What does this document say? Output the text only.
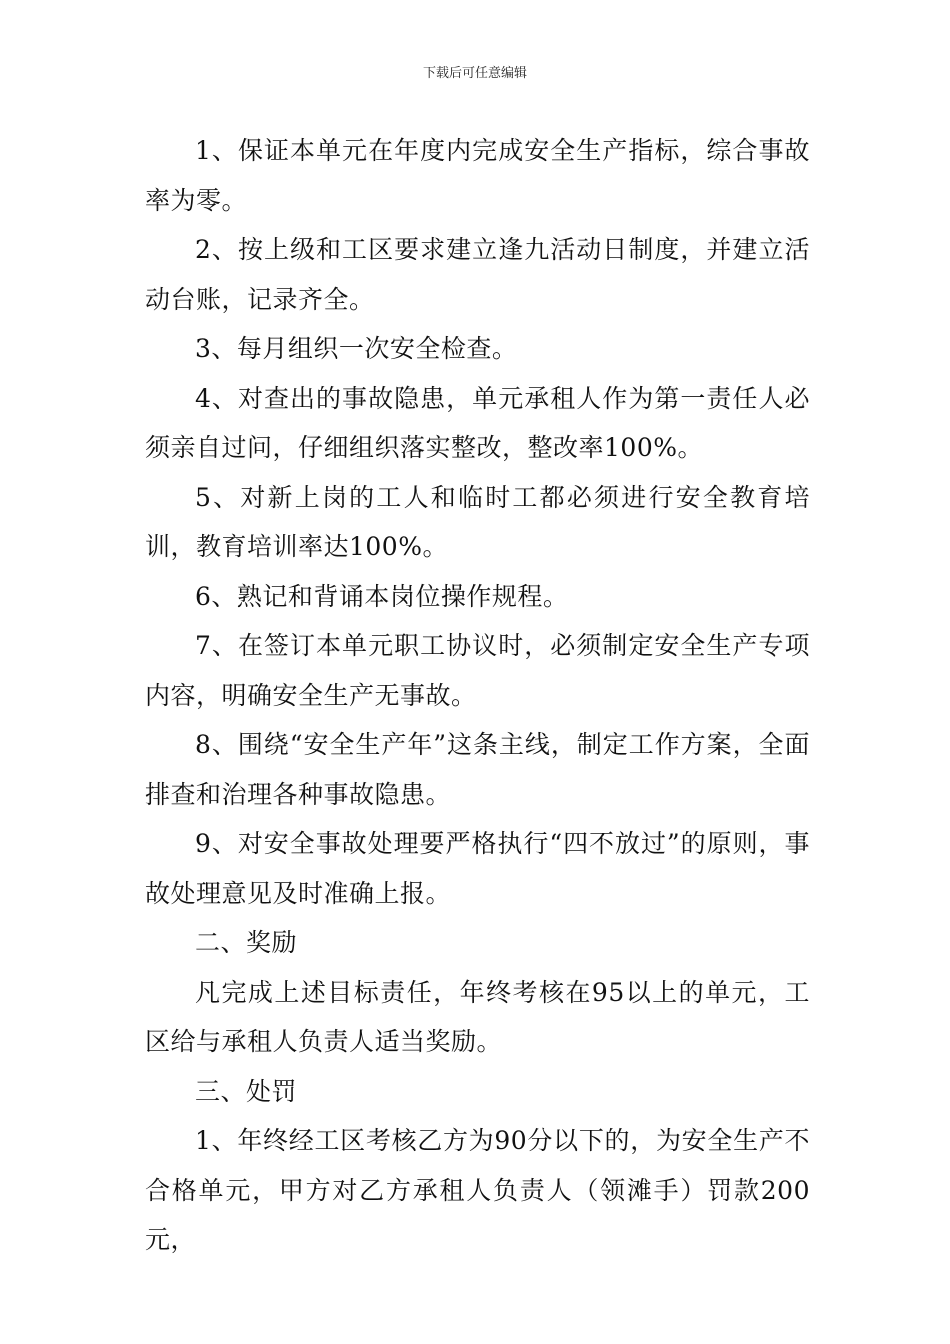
下载后可任意编辑

1、保证本单元在年度内完成安全生产指标，综合事故率为零。

2、按上级和工区要求建立逢九活动日制度，并建立活动台账，记录齐全。

3、每月组织一次安全检查。

4、对查出的事故隐患，单元承租人作为第一责任人必须亲自过问，仔细组织落实整改，整改率100%。

5、对新上岗的工人和临时工都必须进行安全教育培训，教育培训率达100%。

6、熟记和背诵本岗位操作规程。

7、在签订本单元职工协议时，必须制定安全生产专项内容，明确安全生产无事故。

8、围绕“安全生产年”这条主线，制定工作方案，全面排查和治理各种事故隐患。

9、对安全事故处理要严格执行“四不放过”的原则，事故处理意见及时准确上报。

二、奖励

凡完成上述目标责任，年终考核在95以上的单元，工区给与承租人负责人适当奖励。

三、处罚

1、年终经工区考核乙方为90分以下的，为安全生产不合格单元，甲方对乙方承租人负责人（领滩手）罚款200元，
